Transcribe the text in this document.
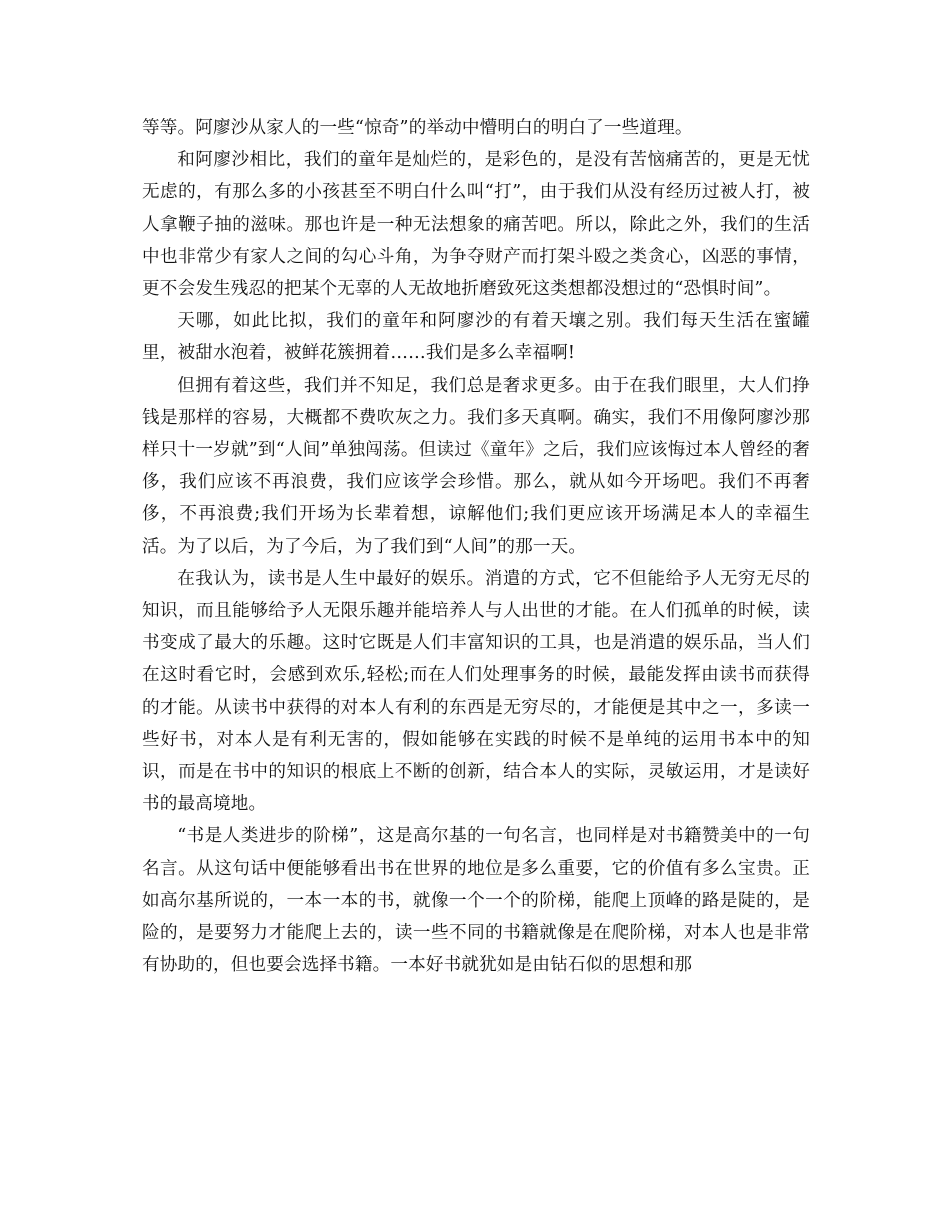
等等。阿廖沙从家人的一些“惊奇”的举动中懵明白的明白了一些道理。

和阿廖沙相比，我们的童年是灿烂的，是彩色的，是没有苦恼痛苦的，更是无忧无虑的，有那么多的小孩甚至不明白什么叫“打”，由于我们从没有经历过被人打，被人拿鞭子抽的滋味。那也许是一种无法想象的痛苦吧。所以，除此之外，我们的生活中也非常少有家人之间的勾心斗角，为争夺财产而打架斗殴之类贪心，凶恶的事情，更不会发生残忍的把某个无辜的人无故地折磨致死这类想都没想过的“恐惧时间”。

天哪，如此比拟，我们的童年和阿廖沙的有着天壤之别。我们每天生活在蜜罐里，被甜水泡着，被鲜花簇拥着……我们是多么幸福啊!

但拥有着这些，我们并不知足，我们总是奢求更多。由于在我们眼里，大人们挣钱是那样的容易，大概都不费吹灰之力。我们多天真啊。确实，我们不用像阿廖沙那样只十一岁就”到“人间”单独闯荡。但读过《童年》之后，我们应该悔过本人曾经的奢侈，我们应该不再浪费，我们应该学会珍惜。那么，就从如今开场吧。我们不再奢侈，不再浪费;我们开场为长辈着想，谅解他们;我们更应该开场满足本人的幸福生活。为了以后，为了今后，为了我们到“人间”的那一天。

在我认为，读书是人生中最好的娱乐。消遣的方式，它不但能给予人无穷无尽的知识，而且能够给予人无限乐趣并能培养人与人出世的才能。在人们孤单的时候，读书变成了最大的乐趣。这时它既是人们丰富知识的工具，也是消遣的娱乐品，当人们在这时看它时，会感到欢乐,轻松;而在人们处理事务的时候，最能发挥由读书而获得的才能。从读书中获得的对本人有利的东西是无穷尽的，才能便是其中之一，多读一些好书，对本人是有利无害的，假如能够在实践的时候不是单纯的运用书本中的知识，而是在书中的知识的根底上不断的创新，结合本人的实际，灵敏运用，才是读好书的最高境地。

“书是人类进步的阶梯”，这是高尔基的一句名言，也同样是对书籍赞美中的一句名言。从这句话中便能够看出书在世界的地位是多么重要，它的价值有多么宝贵。正如高尔基所说的，一本一本的书，就像一个一个的阶梯，能爬上顶峰的路是陡的，是险的，是要努力才能爬上去的，读一些不同的书籍就像是在爬阶梯，对本人也是非常有协助的，但也要会选择书籍。一本好书就犹如是由钻石似的思想和那
